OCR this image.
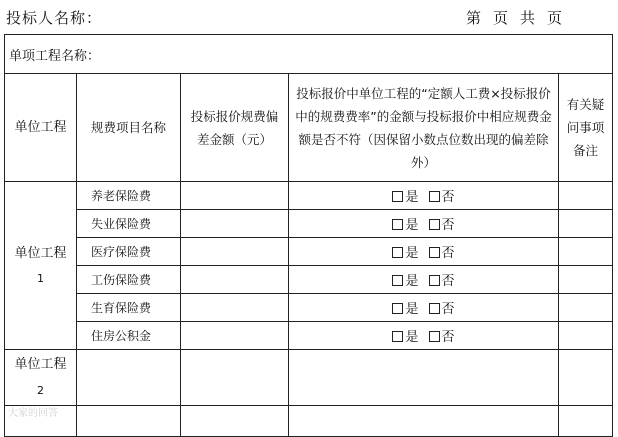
投标人名称：	第 页 共 页
单项工程名称：				
单位工程	规费项目名称	投标报价规费偏差金额（元）	投标报价中单位工程的“定额人工费×投标报价中的规费费率”的金额与投标报价中相应规费金额是否不符（因保留小数点位数出现的偏差除外）	有关疑问事项备注
单位工程
1	养老保险费		是 否	
	失业保险费		是 否	
	医疗保险费		是 否	
	工伤保险费		是 否	
	生育保险费		是 否	
	住房公积金		是 否	
单位工程
2				

大家的回答
